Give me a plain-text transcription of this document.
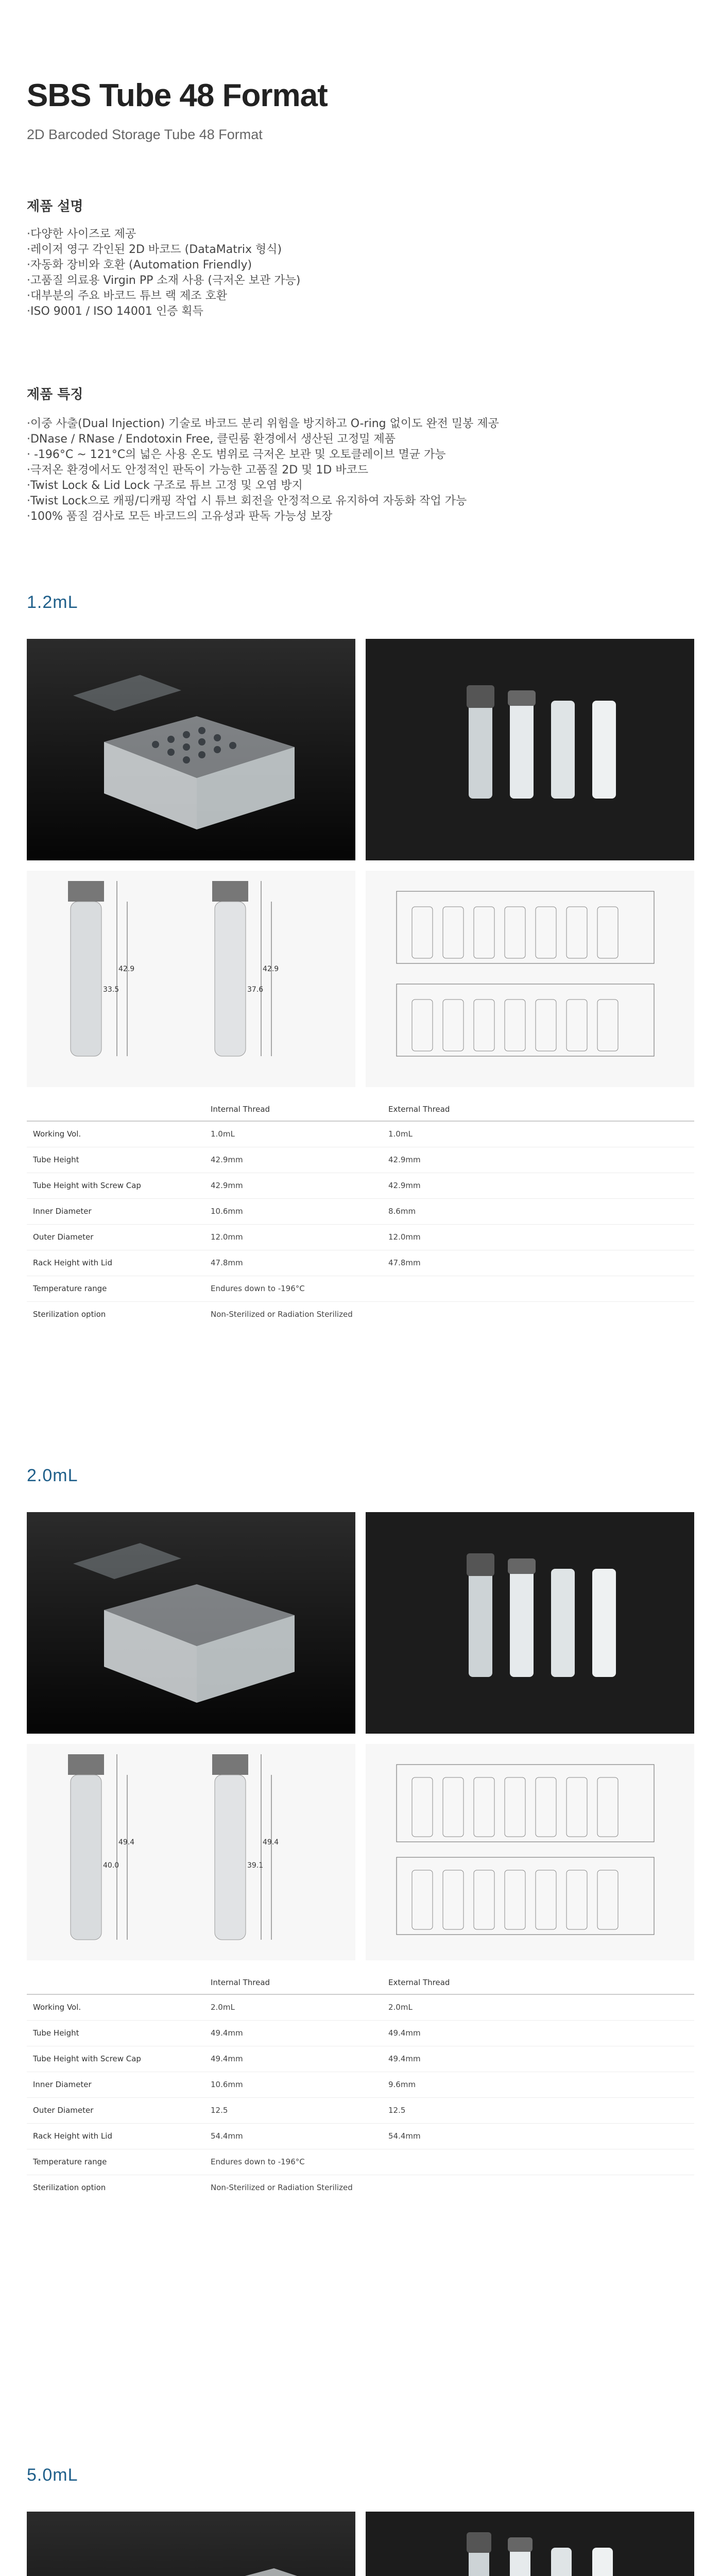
SBS Tube 48 Format
2D Barcoded Storage Tube 48 Format
제품 설명
·다양한 사이즈로 제공
·레이저 영구 각인된 2D 바코드 (DataMatrix 형식)
·자동화 장비와 호환 (Automation Friendly)
·고품질 의료용 Virgin PP 소재 사용 (극저온 보관 가능)
·대부분의 주요 바코드 튜브 랙 제조 호환
·ISO 9001 / ISO 14001 인증 획득
제품 특징
·이중 사출(Dual Injection) 기술로 바코드 분리 위험을 방지하고 O-ring 없이도 완전 밀봉 제공
·DNase / RNase / Endotoxin Free, 클린룸 환경에서 생산된 고정밀 제품
· -196°C ~ 121°C의 넓은 사용 온도 범위로 극저온 보관 및 오토클레이브 멸균 가능
·극저온 환경에서도 안정적인 판독이 가능한 고품질 2D 및 1D 바코드
·Twist Lock & Lid Lock 구조로 튜브 고정 및 오염 방지
·Twist Lock으로 캐핑/디캐핑 작업 시 튜브 회전을 안정적으로 유지하여 자동화 작업 가능
·100% 품질 검사로 모든 바코드의 고유성과 판독 가능성 보장
1.2mL
42.9
33.5
42.9
37.6
	Internal Thread	External Thread
Working Vol.	1.0mL	1.0mL
Tube Height	42.9mm	42.9mm
Tube Height with Screw Cap	42.9mm	42.9mm
Inner Diameter	10.6mm	8.6mm
Outer Diameter	12.0mm	12.0mm
Rack Height with Lid	47.8mm	47.8mm
Temperature range	Endures down to -196°C	
Sterilization option	Non-Sterilized or Radiation Sterilized	
2.0mL
49.4
40.0
49.4
39.1
	Internal Thread	External Thread
Working Vol.	2.0mL	2.0mL
Tube Height	49.4mm	49.4mm
Tube Height with Screw Cap	49.4mm	49.4mm
Inner Diameter	10.6mm	9.6mm
Outer Diameter	12.5	12.5
Rack Height with Lid	54.4mm	54.4mm
Temperature range	Endures down to -196°C	
Sterilization option	Non-Sterilized or Radiation Sterilized	
5.0mL
